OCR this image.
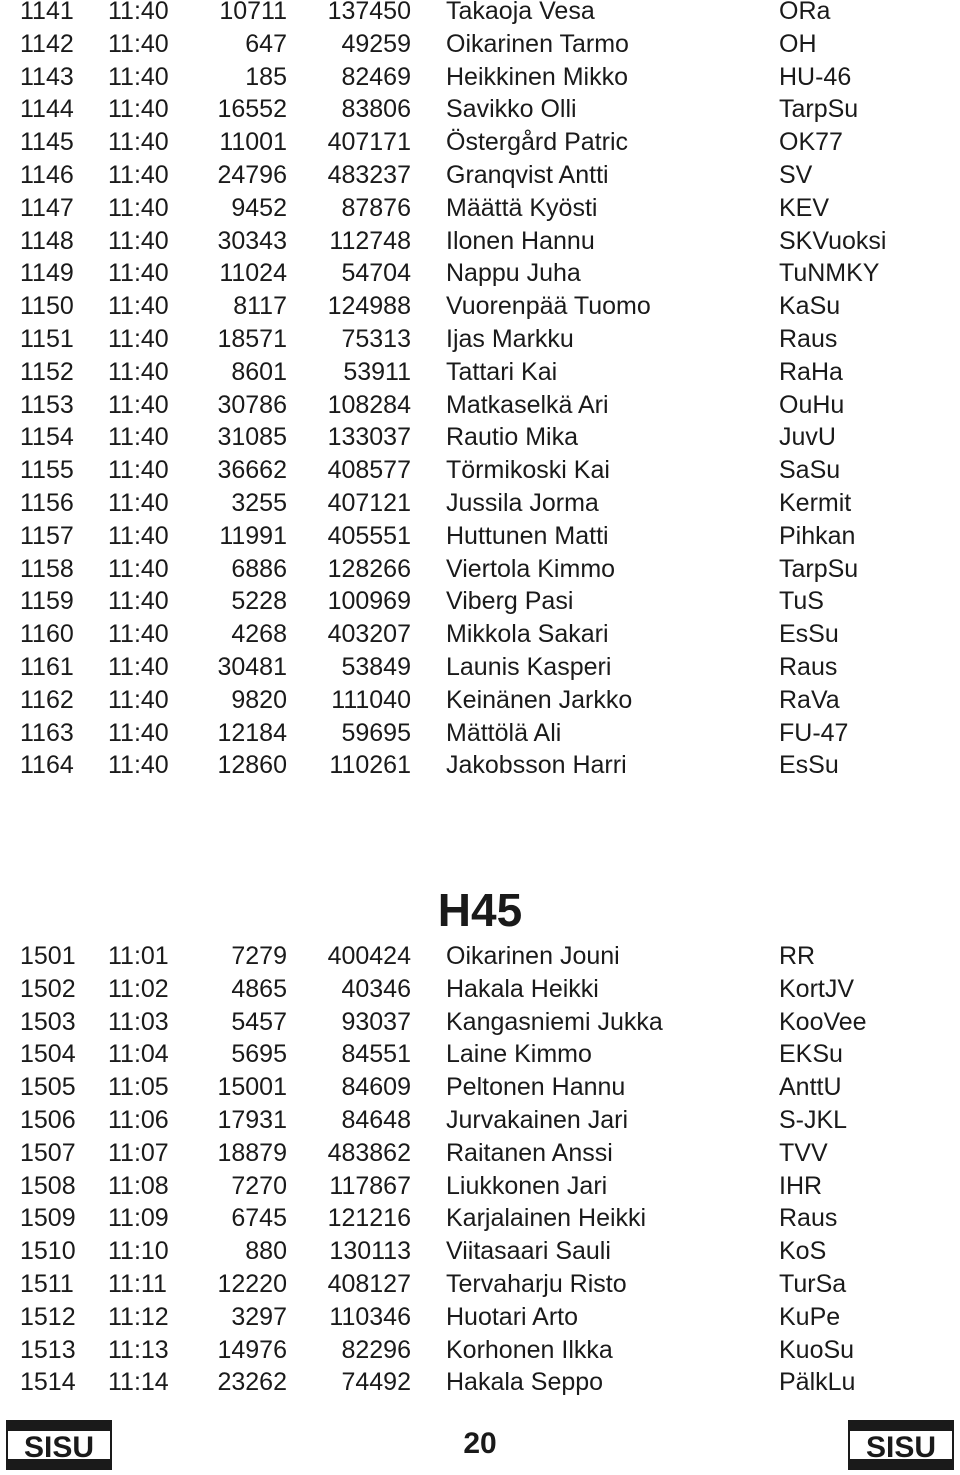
1141 11:40 10711 137450 Takaoja Vesa	ORa
1142 11:40	647 49259 Oikarinen Tarmo	OH
1143 11:40	185 82469 Heikkinen Mikko	HU-46
1144 11:40 16552 83806 Savikko Olli	TarpSu
1145 11:40 11001 407171 Östergård Patric	OK77
1146 11:40 24796 483237 Granqvist Antti	SV
1147 11:40	9452 87876 Määttä Kyösti	KEV
1148 11:40 30343 112748 Ilonen Hannu	SKVuoksi
1149 11:40 11024 54704 Nappu Juha	TuNMKY
1150 11:40	8117 124988 Vuorenpää Tuomo	KaSu
1151 11:40 18571 75313 Ijas Markku	Raus
1152 11:40	8601 53911 Tattari Kai	RaHa
1153 11:40 30786 108284 Matkaselkä Ari	OuHu
1154 11:40 31085 133037 Rautio Mika	JuvU
1155 11:40 36662 408577 Törmikoski Kai	SaSu
1156 11:40	3255 407121 Jussila Jorma	Kermit
1157 11:40 11991 405551 Huttunen Matti	Pihkan
1158 11:40	6886 128266 Viertola Kimmo	TarpSu
1159 11:40	5228 100969 Viberg Pasi	TuS
1160 11:40	4268 403207 Mikkola Sakari	EsSu
1161 11:40 30481 53849 Launis Kasperi	Raus
1162 11:40	9820 111040 Keinänen Jarkko	RaVa
1163 11:40 12184 59695 Mättölä Ali	FU-47
1164 11:40 12860 110261 Jakobsson Harri	EsSu
H45
1501 11:01	7279 400424 Oikarinen Jouni	RR
1502 11:02	4865 40346 Hakala Heikki	KortJV
1503 11:03	5457 93037 Kangasniemi Jukka	KooVee
1504 11:04	5695 84551 Laine Kimmo	EKSu
1505 11:05 15001 84609 Peltonen Hannu	AnttU
1506 11:06 17931 84648 Jurvakainen Jari	S-JKL
1507 11:07 18879 483862 Raitanen Anssi	TVV
1508 11:08	7270 117867 Liukkonen Jari	IHR
1509 11:09	6745 121216 Karjalainen Heikki	Raus
1510 11:10	880 130113 Viitasaari Sauli	KoS
1511 11:11 12220 408127 Tervaharju Risto	TurSa
1512 11:12	3297 110346 Huotari Arto	KuPe
1513 11:13 14976 82296 Korhonen Ilkka	KuoSu
1514 11:14 23262 74492 Hakala Seppo	PälkLu
SISU	20	SISU
